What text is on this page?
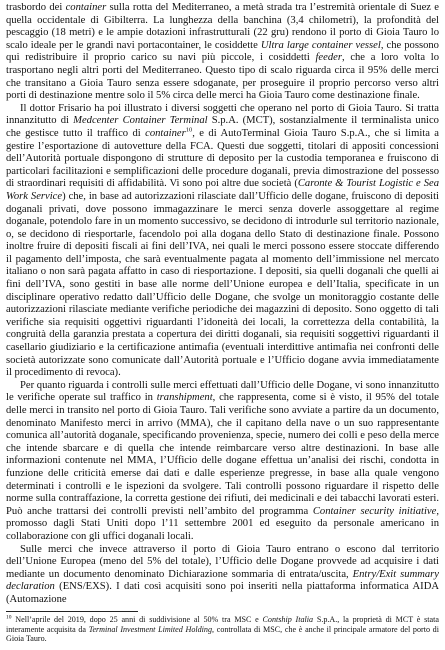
trasbordo dei container sulla rotta del Mediterraneo, a metà strada tra l’estremità orientale di Suez e quella occidentale di Gibilterra. La lunghezza della banchina (3,4 chilometri), la profondità del pescaggio (18 metri) e le ampie dotazioni infrastrutturali (22 gru) rendono il porto di Gioia Tauro lo scalo ideale per le grandi navi portacontainer, le cosiddette Ultra large container vessel, che possono qui redistribuire il proprio carico su navi più piccole, i cosiddetti feeder, che a loro volta lo trasportano negli altri porti del Mediterraneo. Questo tipo di scalo riguarda circa il 95% delle merci che transitano a Gioia Tauro senza essere sdoganate, per proseguire il proprio percorso verso altri porti di destinazione mentre solo il 5% circa delle merci ha Gioia Tauro come destinazione finale.

Il dottor Frisario ha poi illustrato i diversi soggetti che operano nel porto di Gioia Tauro. Si tratta innanzitutto di Medcenter Container Terminal S.p.A. (MCT), sostanzialmente il terminalista unico che gestisce tutto il traffico di container$^{10}$, e di AutoTerminal Gioia Tauro S.p.A., che si limita a gestire l’esportazione di autovetture della FCA. Questi due soggetti, titolari di appositi concessioni dell’Autorità portuale dispongono di strutture di deposito per la custodia temporanea e fruiscono di particolari facilitazioni e semplificazioni delle procedure doganali, previa dimostrazione del possesso di straordinari requisiti di affidabilità. Vi sono poi altre due società (Caronte & Tourist Logistic e Sea Work Service) che, in base ad autorizzazioni rilasciate dall’Ufficio delle dogane, fruiscono di depositi doganali privati, dove possono immagazzinare le merci senza doverle assoggettare al regime doganale, potendolo fare in un momento successivo, se decidono di introdurle sul territorio nazionale, o, se decidono di riesportarle, facendolo poi alla dogana dello Stato di destinazione finale. Possono inoltre fruire di depositi fiscali ai fini dell’IVA, nei quali le merci possono essere stoccate differendo il pagamento dell’imposta, che sarà eventualmente pagata al momento dell’immissione nel mercato italiano o non sarà pagata affatto in caso di riesportazione. I depositi, sia quelli doganali che quelli ai fini dell’IVA, sono gestiti in base alle norme dell’Unione europea e dell’Italia, specificate in un disciplinare operativo redatto dall’Ufficio delle Dogane, che svolge un monitoraggio costante delle autorizzazioni rilasciate mediante verifiche periodiche dei magazzini di deposito. Sono oggetto di tali verifiche sia requisiti oggettivi riguardanti l’idoneità dei locali, la correttezza della contabilità, la congruità della garanzia prestata a copertura dei diritti doganali, sia requisiti soggettivi riguardanti il casellario giudiziario e la certificazione antimafia (eventuali interdittive antimafia nei confronti delle società autorizzate sono comunicate dall’Autorità portuale e l’Ufficio dogane avvia immediatamente il procedimento di revoca).

Per quanto riguarda i controlli sulle merci effettuati dall’Ufficio delle Dogane, vi sono innanzitutto le verifiche operate sul traffico in transhipment, che rappresenta, come si è visto, il 95% del totale delle merci in transito nel porto di Gioia Tauro. Tali verifiche sono avviate a partire da un documento, denominato Manifesto merci in arrivo (MMA), che il capitano della nave o un suo rappresentante comunica all’autorità doganale, specificando provenienza, specie, numero dei colli e peso della merce che intende sbarcare e di quella che intende reimbarcare verso altre destinazioni. In base alle informazioni contenute nel MMA, l’Ufficio delle dogane effettua un’analisi dei rischi, condotta in funzione delle criticità emerse dai dati e dalle esperienze pregresse, in base alla quale vengono determinati i controlli e le ispezioni da svolgere. Tali controlli possono riguardare il rispetto delle norme sulla contraffazione, la corretta gestione dei rifiuti, dei medicinali e dei tabacchi lavorati esteri. Può anche trattarsi dei controlli previsti nell’ambito del programma Container security initiative, promosso dagli Stati Uniti dopo l’11 settembre 2001 ed eseguito da personale americano in collaborazione con gli uffici doganali locali.

Sulle merci che invece attraverso il porto di Gioia Tauro entrano o escono dal territorio dell’Unione Europea (meno del 5% del totale), l’Ufficio delle Dogane provvede ad acquisire i dati mediante un documento denominato Dichiarazione sommaria di entrata/uscita, Entry/Exit summary declaration (ENS/EXS). I dati così acquisiti sono poi inseriti nella piattaforma informatica AIDA (Automazione

$^{10}$ Nell’aprile del 2019, dopo 25 anni di suddivisione al 50% tra MSC e Contship Italia S.p.A., la proprietà di MCT è stata interamente acquisita da Terminal Investment Limited Holding, controllata di MSC, che è anche il principale armatore del porto di Gioia Tauro.
